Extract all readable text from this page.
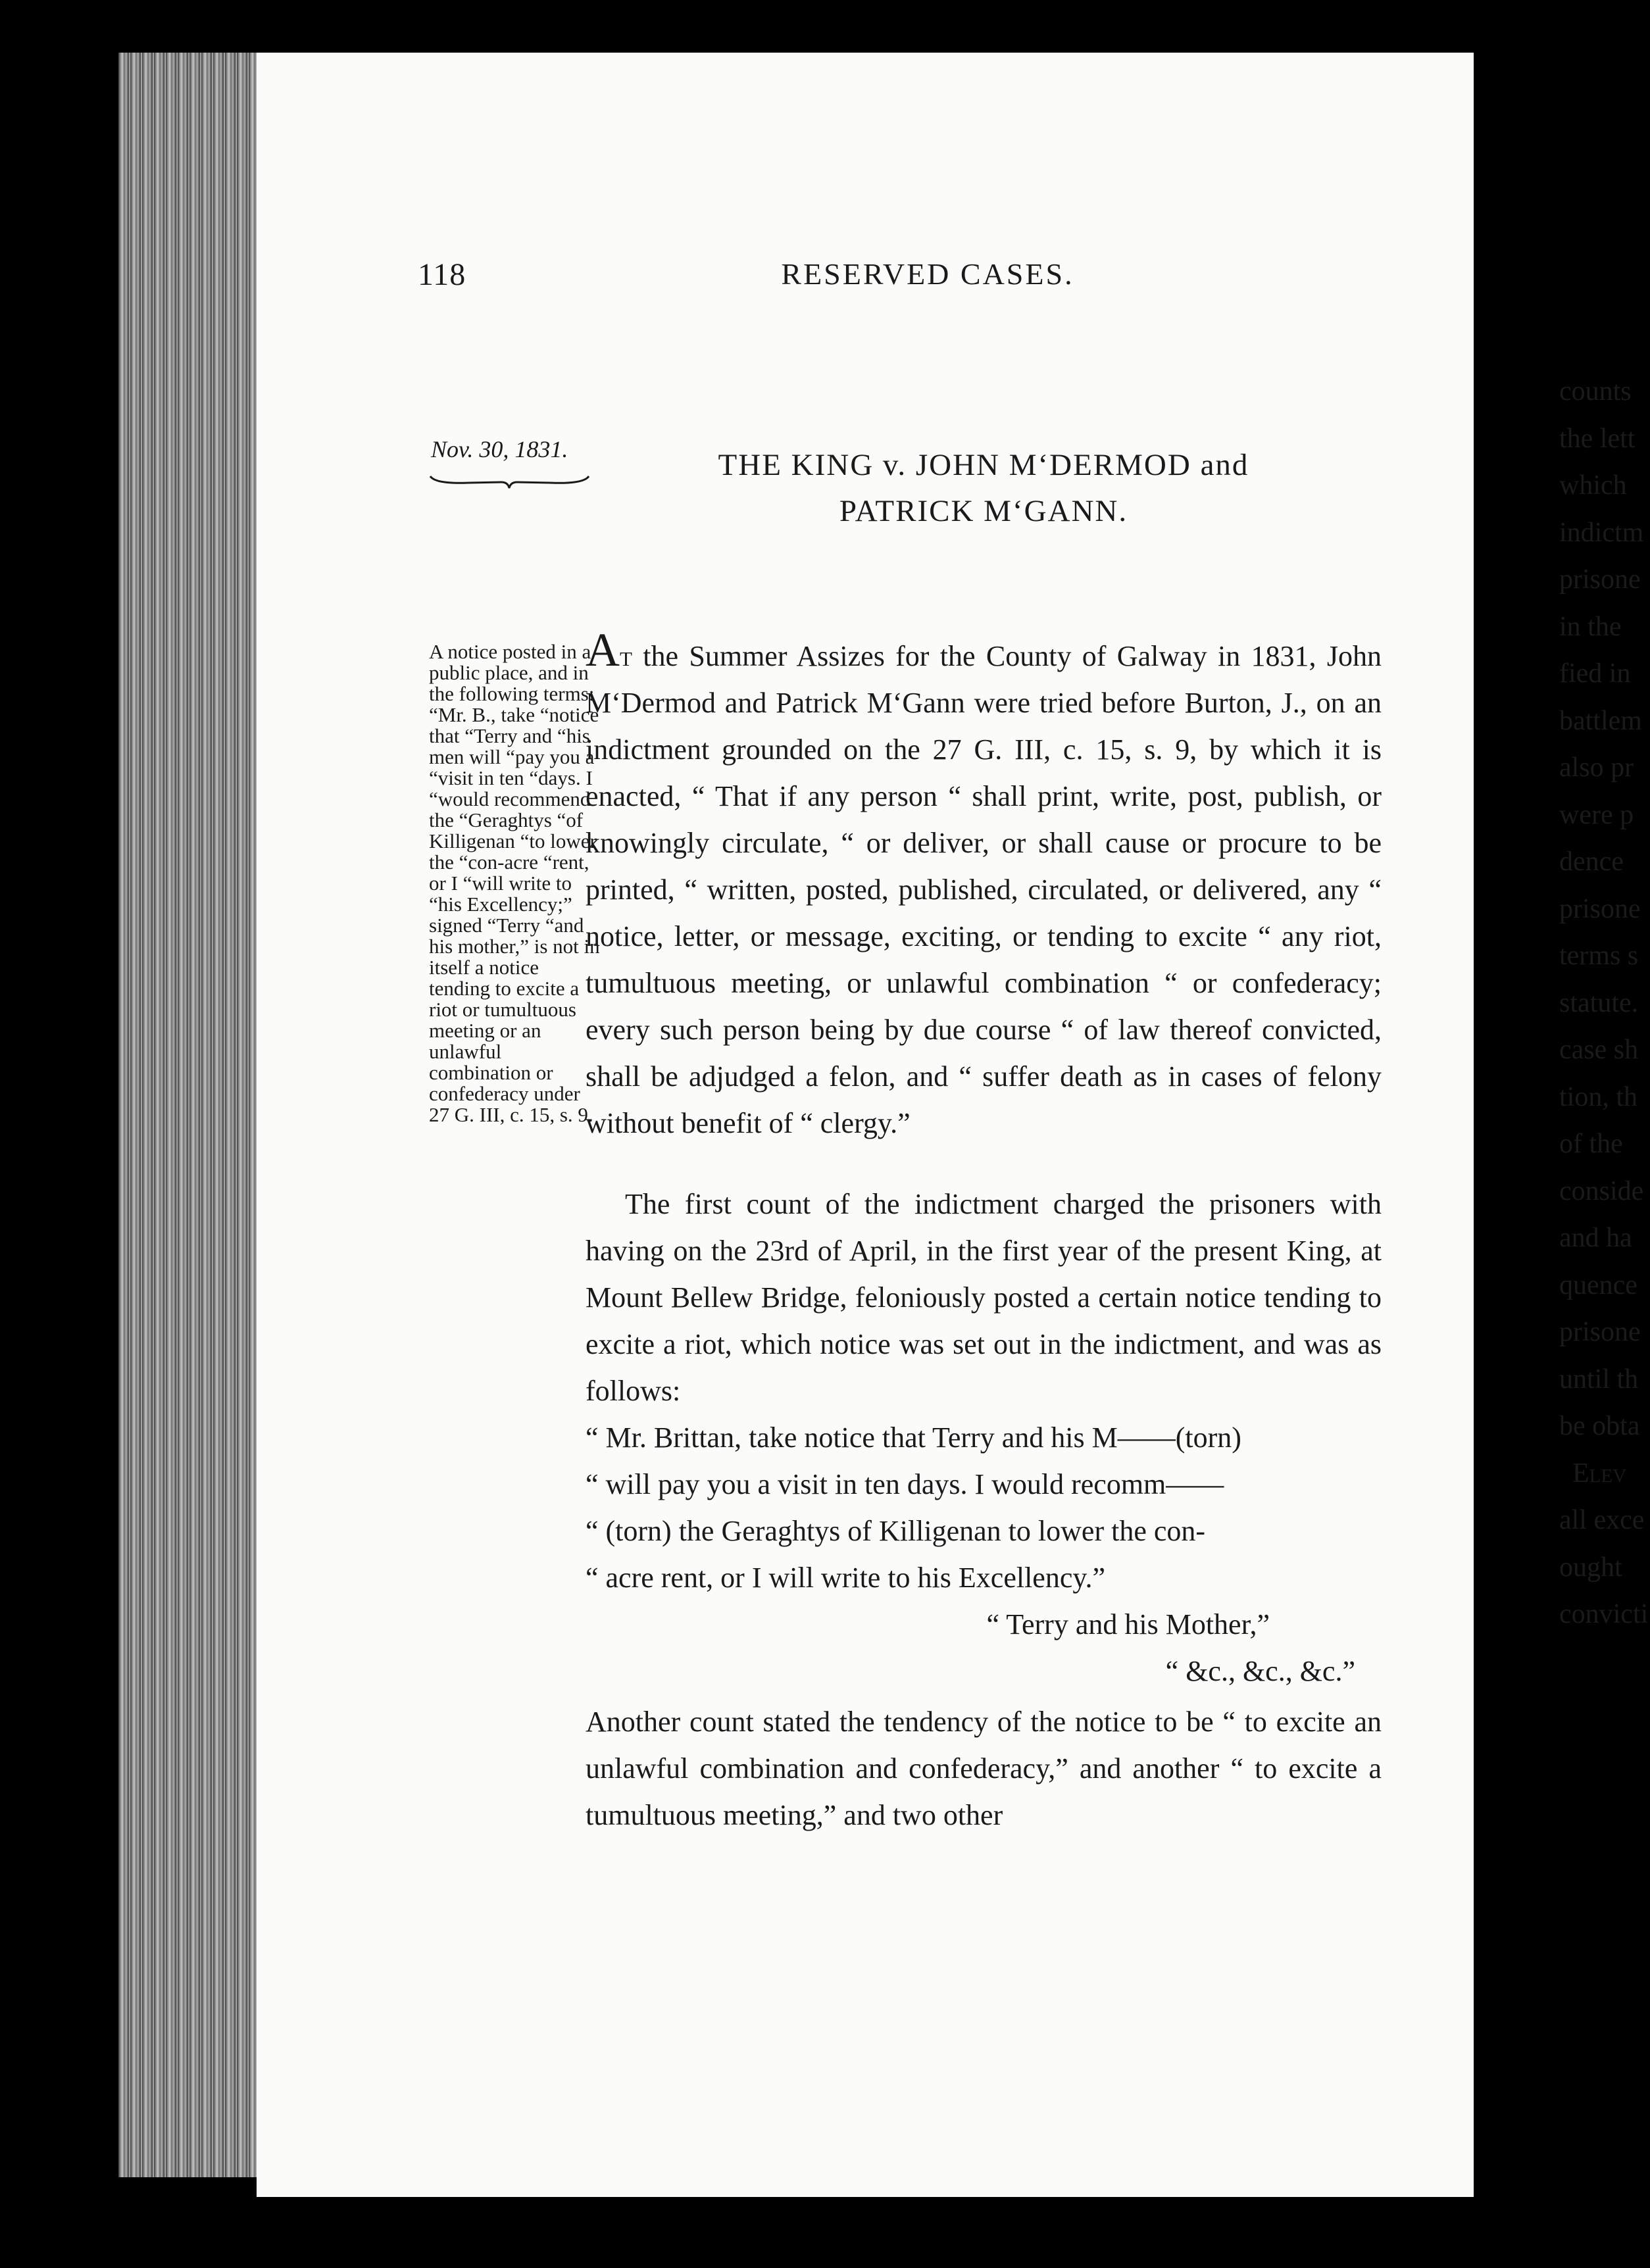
118	RESERVED CASES.
Nov. 30, 1831.	THE KING v. JOHN M‘DERMOD and
PATRICK M‘GANN.
A notice posted in a public place, and in the following terms: “Mr. B., take “notice that “Terry and “his men will “pay you a “visit in ten “days. I “would recommend the “Geraghtys “of Killigenan “to lower the “con-acre “rent, or I “will write to “his Excellency;” signed “Terry “and his mother,” is not in itself a notice tending to excite a riot or tumultuous meeting or an unlawful combination or confederacy under 27 G. III, c. 15, s. 9.

At the Summer Assizes for the County of Galway in 1831, John M‘Dermod and Patrick M‘Gann were tried before Burton, J., on an indictment grounded on the 27 G. III, c. 15, s. 9, by which it is enacted, “ That if any person “ shall print, write, post, publish, or knowingly circulate, “ or deliver, or shall cause or procure to be printed, “ written, posted, published, circulated, or delivered, any “ notice, letter, or message, exciting, or tending to excite “ any riot, tumultuous meeting, or unlawful combination “ or confederacy; every such person being by due course “ of law thereof convicted, shall be adjudged a felon, and “ suffer death as in cases of felony without benefit of “ clergy.”

The first count of the indictment charged the prisoners with having on the 23rd of April, in the first year of the present King, at Mount Bellew Bridge, feloniously posted a certain notice tending to excite a riot, which notice was set out in the indictment, and was as follows:

“ Mr. Brittan, take notice that Terry and his M——(torn)
“ will pay you a visit in ten days. I would recomm——
“ (torn) the Geraghtys of Killigenan to lower the con-
“ acre rent, or I will write to his Excellency.”
“ Terry and his Mother,”
“ &c., &c., &c.”

Another count stated the tendency of the notice to be “ to excite an unlawful combination and confederacy,” and another “ to excite a tumultuous meeting,” and two other

counts
the lett
which
indictm
prisone
in the
fied in
battlem
also pr
were p
dence
prisone
terms s
statute.
case sh
tion, th
of the
conside
and ha
quence
prisone
until th
be obta
Elev
all exce
ought
convicti
